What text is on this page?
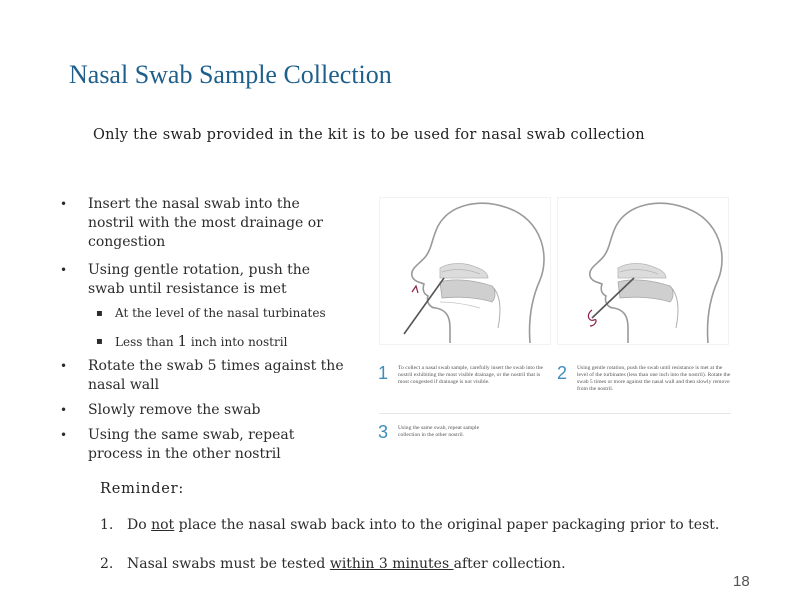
Nasal Swab Sample Collection
Only the swab provided in the kit is to be used for nasal swab collection
• Insert the nasal swab into the nostril with the most drainage or congestion
• Using gentle rotation, push the swab until resistance is met
▪ At the level of the nasal turbinates
▪ Less than 1 inch into nostril
• Rotate the swab 5 times against the nasal wall
• Slowly remove the swab
• Using the same swab, repeat process in the other nostril
1 To collect a nasal swab sample, carefully insert the swab into the nostril exhibiting the most visible drainage, or the nostril that is most congested if drainage is not visible.	2 Using gentle rotation, push the swab until resistance is met at the level of the turbinates (less than one inch into the nostril). Rotate the swab 5 times or more against the nasal wall and then slowly remove from the nostril.
3 Using the same swab, repeat sample collection in the other nostril.
Reminder:
1. Do not place the nasal swab back into to the original paper packaging prior to test.
2. Nasal swabs must be tested within 3 minutes after collection.
18
